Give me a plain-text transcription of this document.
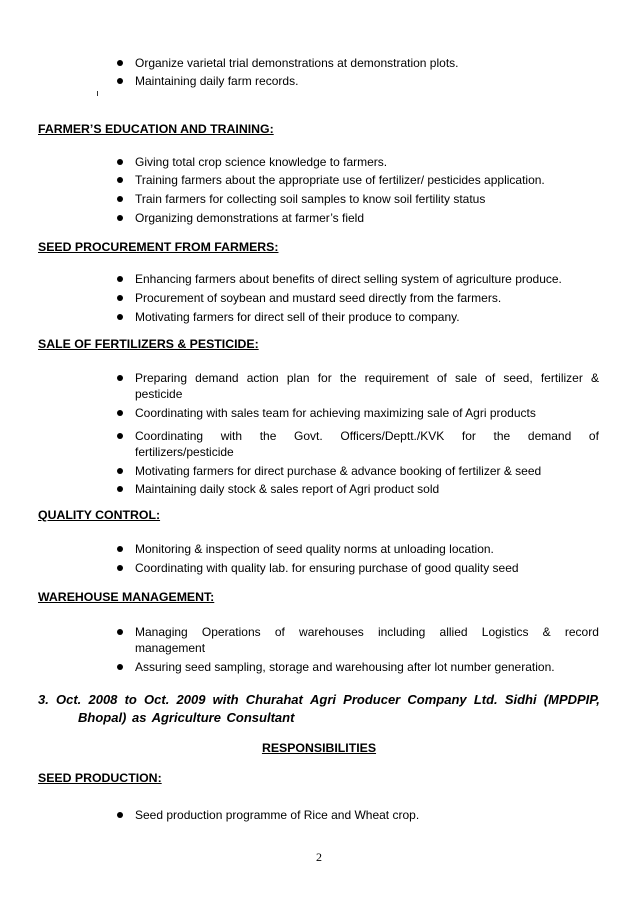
Organize varietal trial demonstrations at demonstration plots.
Maintaining daily farm records.
FARMER’S EDUCATION AND TRAINING:
Giving total crop science knowledge to farmers.
Training farmers about the appropriate use of fertilizer/ pesticides application.
Train farmers for collecting soil samples to know soil fertility status
Organizing demonstrations at farmer’s field
SEED PROCUREMENT FROM FARMERS:
Enhancing farmers about benefits of direct selling system of agriculture produce.
Procurement of soybean and mustard seed directly from the farmers.
Motivating farmers for direct sell of their produce to company.
SALE OF FERTILIZERS & PESTICIDE:
Preparing demand action plan for the requirement of sale of seed, fertilizer &
pesticide
Coordinating with sales team for achieving maximizing sale of Agri products
Coordinating with the Govt. Officers/Deptt./KVK for the demand of
fertilizers/pesticide
Motivating farmers for direct purchase & advance booking of fertilizer & seed
Maintaining daily stock & sales report of Agri product sold
QUALITY CONTROL:
Monitoring & inspection of seed quality norms at unloading location.
Coordinating with quality lab. for ensuring purchase of good quality seed
WAREHOUSE MANAGEMENT:
Managing Operations of warehouses including allied Logistics & record
management
Assuring seed sampling, storage and warehousing after lot number generation.
3. Oct. 2008 to Oct. 2009 with Churahat Agri Producer Company Ltd. Sidhi (MPDPIP,
Bhopal) as Agriculture Consultant
RESPONSIBILITIES
SEED PRODUCTION:
Seed production programme of Rice and Wheat crop.
2
